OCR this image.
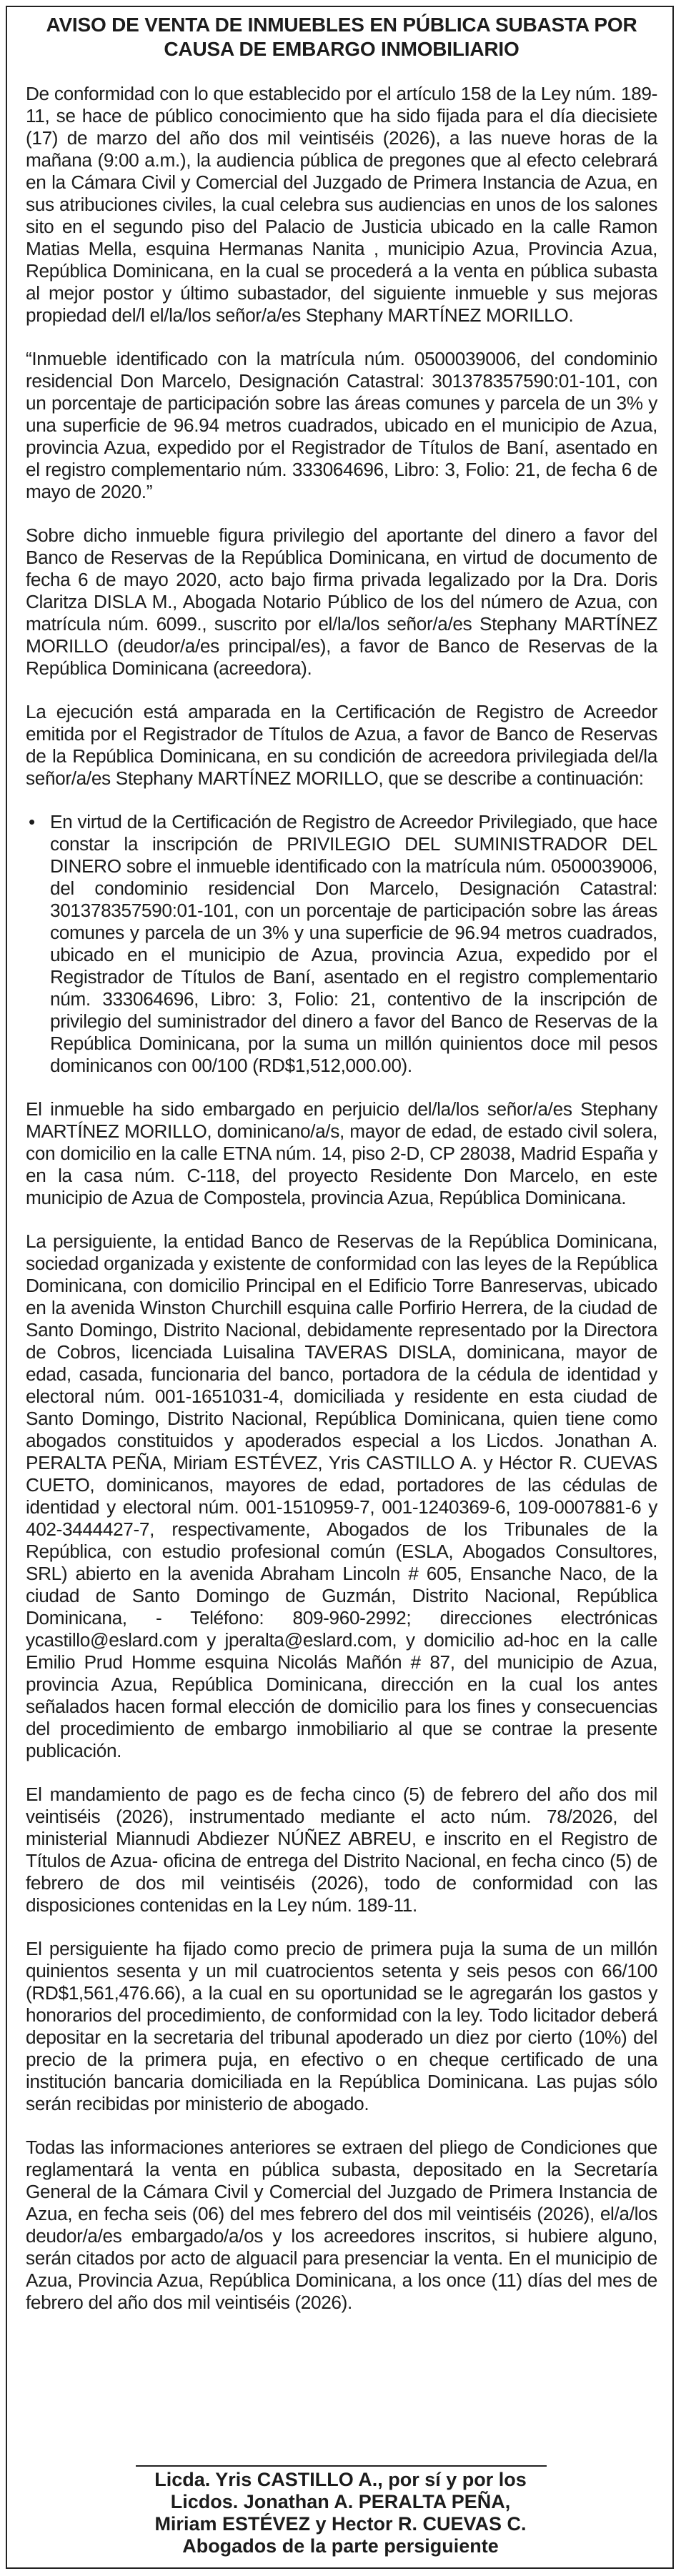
AVISO DE VENTA DE INMUEBLES EN PÚBLICA SUBASTA POR CAUSA DE EMBARGO INMOBILIARIO

De conformidad con lo que establecido por el artículo 158 de la Ley núm. 189-11, se hace de público conocimiento que ha sido fijada para el día diecisiete (17) de marzo del año dos mil veintiséis (2026), a las nueve horas de la mañana (9:00 a.m.), la audiencia pública de pregones que al efecto celebrará en la Cámara Civil y Comercial del Juzgado de Primera Instancia de Azua, en sus atribuciones civiles, la cual celebra sus audiencias en unos de los salones sito en el segundo piso del Palacio de Justicia ubicado en la calle Ramon Matias Mella, esquina Hermanas Nanita , municipio Azua, Provincia Azua, República Dominicana, en la cual se procederá a la venta en pública subasta al mejor postor y último subastador, del siguiente inmueble y sus mejoras propiedad del/l el/la/los señor/a/es Stephany MARTÍNEZ MORILLO.

“Inmueble identificado con la matrícula núm. 0500039006, del condominio residencial Don Marcelo, Designación Catastral: 301378357590:01-101, con un porcentaje de participación sobre las áreas comunes y parcela de un 3% y una superficie de 96.94 metros cuadrados, ubicado en el municipio de Azua, provincia Azua, expedido por el Registrador de Títulos de Baní, asentado en el registro complementario núm. 333064696, Libro: 3, Folio: 21, de fecha 6 de mayo de 2020.”

Sobre dicho inmueble figura privilegio del aportante del dinero a favor del Banco de Reservas de la República Dominicana, en virtud de documento de fecha 6 de mayo 2020, acto bajo firma privada legalizado por la Dra. Doris Claritza DISLA M., Abogada Notario Público de los del número de Azua, con matrícula núm. 6099., suscrito por el/la/los señor/a/es Stephany MARTÍNEZ MORILLO (deudor/a/es principal/es), a favor de Banco de Reservas de la República Dominicana (acreedora).

La ejecución está amparada en la Certificación de Registro de Acreedor emitida por el Registrador de Títulos de Azua, a favor de Banco de Reservas de la República Dominicana, en su condición de acreedora privilegiada del/la señor/a/es Stephany MARTÍNEZ MORILLO, que se describe a continuación:

• En virtud de la Certificación de Registro de Acreedor Privilegiado, que hace constar la inscripción de PRIVILEGIO DEL SUMINISTRADOR DEL DINERO sobre el inmueble identificado con la matrícula núm. 0500039006, del condominio residencial Don Marcelo, Designación Catastral: 301378357590:01-101, con un porcentaje de participación sobre las áreas comunes y parcela de un 3% y una superficie de 96.94 metros cuadrados, ubicado en el municipio de Azua, provincia Azua, expedido por el Registrador de Títulos de Baní, asentado en el registro complementario núm. 333064696, Libro: 3, Folio: 21, contentivo de la inscripción de privilegio del suministrador del dinero a favor del Banco de Reservas de la República Dominicana, por la suma un millón quinientos doce mil pesos dominicanos con 00/100 (RD$1,512,000.00).

El inmueble ha sido embargado en perjuicio del/la/los señor/a/es Stephany MARTÍNEZ MORILLO, dominicano/a/s, mayor de edad, de estado civil solera, con domicilio en la calle ETNA núm. 14, piso 2-D, CP 28038, Madrid España y en la casa núm. C-118, del proyecto Residente Don Marcelo, en este municipio de Azua de Compostela, provincia Azua, República Dominicana.

La persiguiente, la entidad Banco de Reservas de la República Dominicana, sociedad organizada y existente de conformidad con las leyes de la República Dominicana, con domicilio Principal en el Edificio Torre Banreservas, ubicado en la avenida Winston Churchill esquina calle Porfirio Herrera, de la ciudad de Santo Domingo, Distrito Nacional, debidamente representado por la Directora de Cobros, licenciada Luisalina TAVERAS DISLA, dominicana, mayor de edad, casada, funcionaria del banco, portadora de la cédula de identidad y electoral núm. 001-1651031-4, domiciliada y residente en esta ciudad de Santo Domingo, Distrito Nacional, República Dominicana, quien tiene como abogados constituidos y apoderados especial a los Licdos. Jonathan A. PERALTA PEÑA, Miriam ESTÉVEZ, Yris CASTILLO A. y Héctor R. CUEVAS CUETO, dominicanos, mayores de edad, portadores de las cédulas de identidad y electoral núm. 001-1510959-7, 001-1240369-6, 109-0007881-6 y 402-3444427-7, respectivamente, Abogados de los Tribunales de la República, con estudio profesional común (ESLA, Abogados Consultores, SRL) abierto en la avenida Abraham Lincoln # 605, Ensanche Naco, de la ciudad de Santo Domingo de Guzmán, Distrito Nacional, República Dominicana, - Teléfono: 809-960-2992; direcciones electrónicas ycastillo@eslard.com y jperalta@eslard.com, y domicilio ad-hoc en la calle Emilio Prud Homme esquina Nicolás Mañón # 87, del municipio de Azua, provincia Azua, República Dominicana, dirección en la cual los antes señalados hacen formal elección de domicilio para los fines y consecuencias del procedimiento de embargo inmobiliario al que se contrae la presente publicación.

El mandamiento de pago es de fecha cinco (5) de febrero del año dos mil veintiséis (2026), instrumentado mediante el acto núm. 78/2026, del ministerial Miannudi Abdiezer NÚÑEZ ABREU, e inscrito en el Registro de Títulos de Azua- oficina de entrega del Distrito Nacional, en fecha cinco (5) de febrero de dos mil veintiséis (2026), todo de conformidad con las disposiciones contenidas en la Ley núm. 189-11.

El persiguiente ha fijado como precio de primera puja la suma de un millón quinientos sesenta y un mil cuatrocientos setenta y seis pesos con 66/100 (RD$1,561,476.66), a la cual en su oportunidad se le agregarán los gastos y honorarios del procedimiento, de conformidad con la ley. Todo licitador deberá depositar en la secretaria del tribunal apoderado un diez por cierto (10%) del precio de la primera puja, en efectivo o en cheque certificado de una institución bancaria domiciliada en la República Dominicana. Las pujas sólo serán recibidas por ministerio de abogado.

Todas las informaciones anteriores se extraen del pliego de Condiciones que reglamentará la venta en pública subasta, depositado en la Secretaría General de la Cámara Civil y Comercial del Juzgado de Primera Instancia de Azua, en fecha seis (06) del mes febrero del dos mil veintiséis (2026), el/a/los deudor/a/es embargado/a/os y los acreedores inscritos, si hubiere alguno, serán citados por acto de alguacil para presenciar la venta. En el municipio de Azua, Provincia Azua, República Dominicana, a los once (11) días del mes de febrero del año dos mil veintiséis (2026).

Licda. Yris CASTILLO A., por sí y por los
Licdos. Jonathan A. PERALTA PEÑA,
Miriam ESTÉVEZ y Hector R. CUEVAS C.
Abogados de la parte persiguiente
